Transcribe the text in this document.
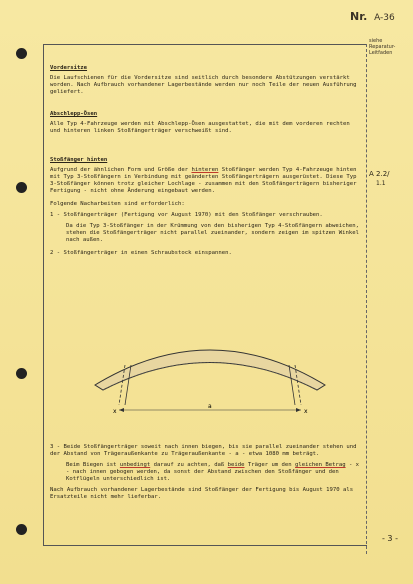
Nr. A-36
siehe Reparatur-Leitfaden
A 2.2/
1.1
- 3 -
Vordersitze
Die Laufschienen für die Vordersitze sind seitlich durch besondere Abstützungen verstärkt worden. Nach Aufbrauch vorhandener Lagerbestände werden nur noch Teile der neuen Ausführung geliefert.
Abschlepp-Ösen
Alle Typ 4-Fahrzeuge werden mit Abschlepp-Ösen ausgestattet, die mit dem vorderen rechten und hinteren linken Stoßfängerträger verschweißt sind.
Stoßfänger hinten
Aufgrund der ähnlichen Form und Größe der hinteren Stoßfänger werden Typ 4-Fahrzeuge hinten mit Typ 3-Stoßfängern in Verbindung mit geänderten Stoßfängerträgern ausgerüstet. Diese Typ 3-Stoßfänger können trotz gleicher Lochlage - zusammen mit den Stoßfängerträgern bisheriger Fertigung - nicht ohne Änderung eingebaut werden.
Folgende Nacharbeiten sind erforderlich:
1 - Stoßfängerträger (Fertigung vor August 1970) mit den Stoßfänger verschrauben.
Da die Typ 3-Stoßfänger in der Krümmung von den bisherigen Typ 4-Stoßfängern abweichen, stehen die Stoßfängerträger nicht parallel zueinander, sondern zeigen im spitzen Winkel nach außen.
2 - Stoßfängerträger in einen Schraubstock einspannen.
3 - Beide Stoßfängerträger soweit nach innen biegen, bis sie parallel zueinander stehen und der Abstand von Trägeraußenkante zu Trägeraußenkante - a - etwa 1080 mm beträgt.
Beim Biegen ist unbedingt darauf zu achten, daß beide Träger um den gleichen Betrag - x - nach innen gebogen werden, da sonst der Abstand zwischen den Stoßfänger und den Kotflügeln unterschiedlich ist.
Nach Aufbrauch vorhandener Lagerbestände sind Stoßfänger der Fertigung bis August 1970 als Ersatzteile nicht mehr lieferbar.
x
a
x
